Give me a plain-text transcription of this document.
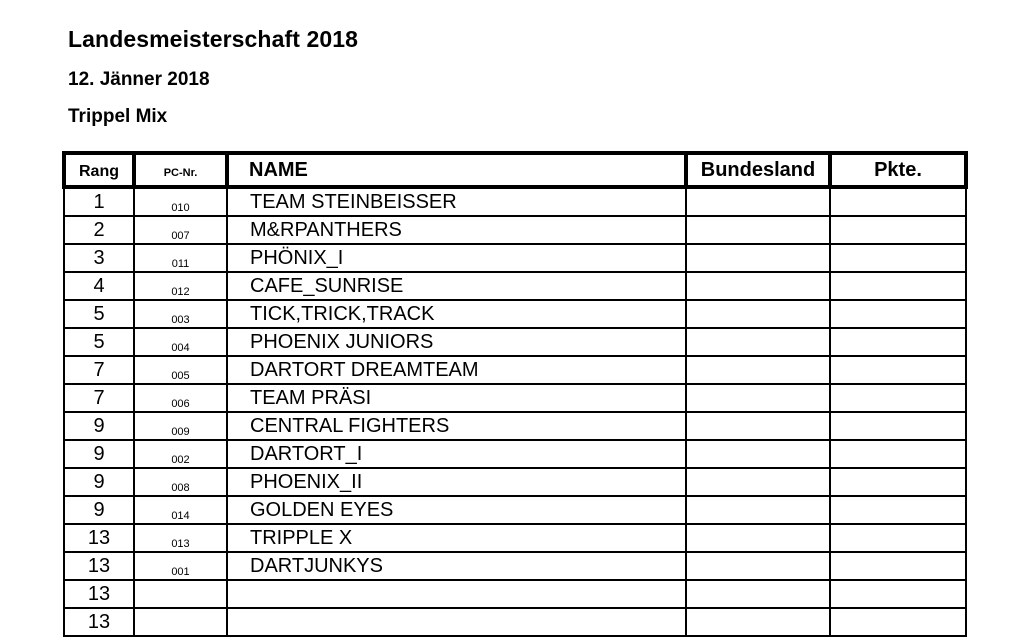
Landesmeisterschaft 2018
12. Jänner 2018
Trippel Mix
Rang	PC-Nr.	NAME	Bundesland	Pkte.
1	010	TEAM STEINBEISSER		
2	007	M&RPANTHERS		
3	011	PHÖNIX_I		
4	012	CAFE_SUNRISE		
5	003	TICK,TRICK,TRACK		
5	004	PHOENIX JUNIORS		
7	005	DARTORT DREAMTEAM		
7	006	TEAM PRÄSI		
9	009	CENTRAL FIGHTERS		
9	002	DARTORT_I		
9	008	PHOENIX_II		
9	014	GOLDEN EYES		
13	013	TRIPPLE X		
13	001	DARTJUNKYS		
13				
13				
